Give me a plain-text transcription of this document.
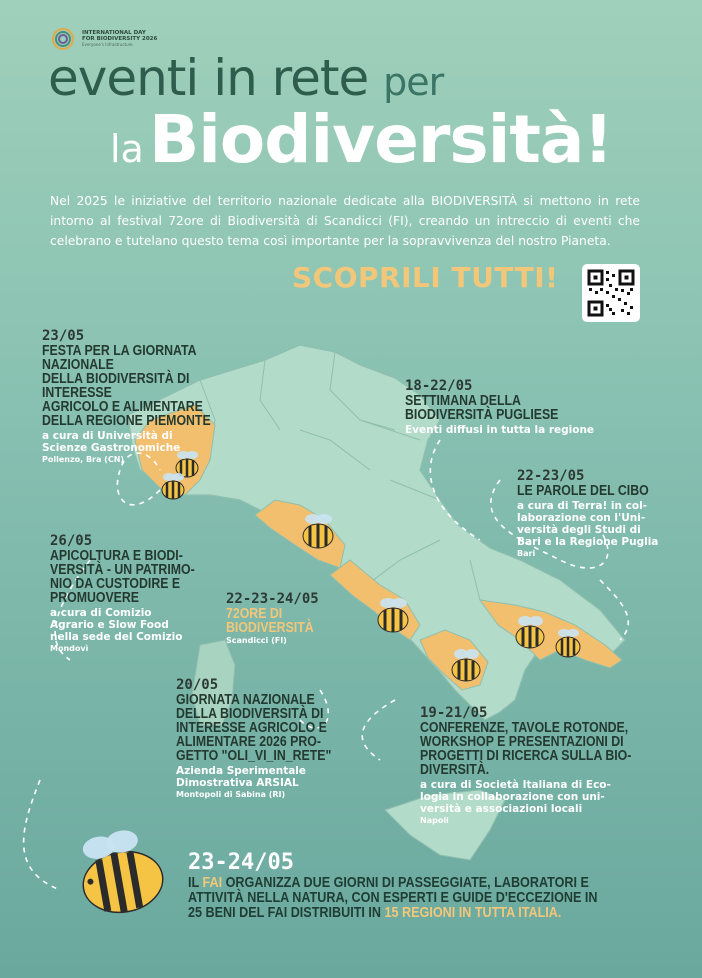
INTERNATIONAL DAY
FOR BIODIVERSITY 2026
Everyone's Infrastructure
eventi in rete per
la Biodiversità!
Nel 2025 le iniziative del territorio nazionale dedicate alla BIODIVERSITÀ si mettono in rete intorno al festival 72ore di Biodiversità di Scandicci (FI), creando un intreccio di eventi che celebrano e tutelano questo tema così importante per la sopravvivenza del nostro Pianeta.
SCOPRILI TUTTI!
23/05
FESTA PER LA GIORNATA NAZIONALE
DELLA BIODIVERSITÀ DI INTERESSE
AGRICOLO E ALIMENTARE
DELLA REGIONE PIEMONTE
a cura di Università di
Scienze Gastronomiche
Pollenzo, Bra (CN)
18-22/05
SETTIMANA DELLA
BIODIVERSITÀ PUGLIESE
Eventi diffusi in tutta la regione
22-23/05
LE PAROLE DEL CIBO
a cura di Terra! in col-
laborazione con l'Uni-
versità degli Studi di
Bari e la Regione Puglia
Bari
26/05
APICOLTURA E BIODI-
VERSITÀ - UN PATRIMO-
NIO DA CUSTODIRE E
PROMUOVERE
a cura di Comizio
Agrario e Slow Food
nella sede del Comizio
Mondovì
22-23-24/05
72ORE DI
BIODIVERSITÀ
Scandicci (FI)
20/05
GIORNATA NAZIONALE
DELLA BIODIVERSITÀ DI
INTERESSE AGRICOLO E
ALIMENTARE 2026 PRO-
GETTO "OLI_VI_IN_RETE"
Azienda Sperimentale
Dimostrativa ARSIAL
Montopoli di Sabina (RI)
19-21/05
CONFERENZE, TAVOLE ROTONDE,
WORKSHOP E PRESENTAZIONI DI
PROGETTI DI RICERCA SULLA BIO-
DIVERSITÀ.
a cura di Società Italiana di Eco-
logia in collaborazione con uni-
versità e associazioni locali
Napoli
23-24/05
IL FAI ORGANIZZA DUE GIORNI DI PASSEGGIATE, LABORATORI E ATTIVITÀ NELLA NATURA, CON ESPERTI E GUIDE D'ECCEZIONE IN 25 BENI DEL FAI DISTRIBUITI IN 15 REGIONI IN TUTTA ITALIA.
